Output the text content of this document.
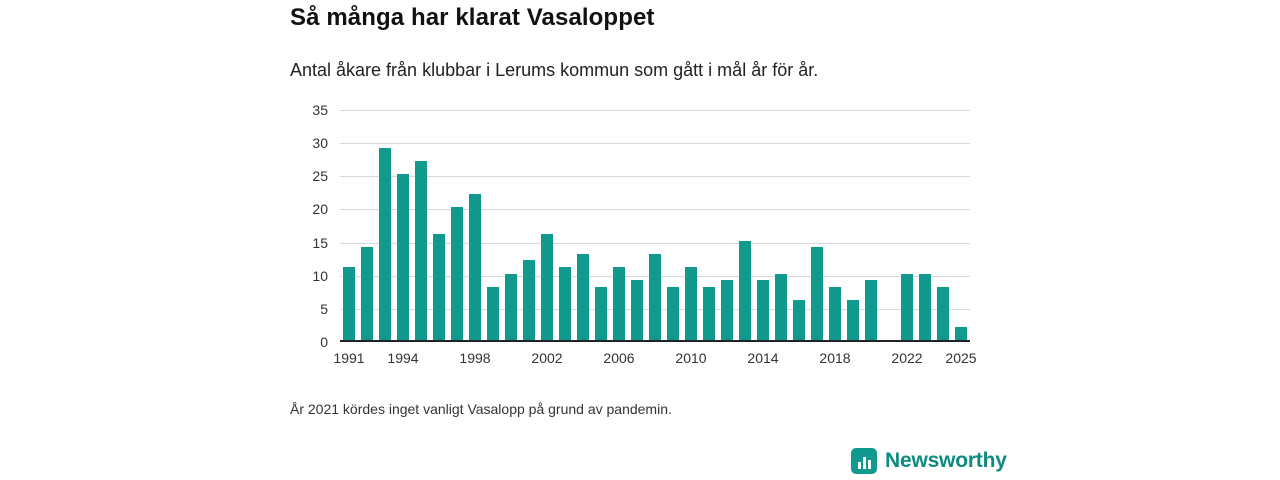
Så många har klarat Vasaloppet
Antal åkare från klubbar i Lerums kommun som gått i mål år för år.
0
5
10
15
20
25
30
35
1991 1994	1998	2002	2006	2010	2014	2018	2022 2025
År 2021 kördes inget vanligt Vasalopp på grund av pandemin.
Newsworthy
